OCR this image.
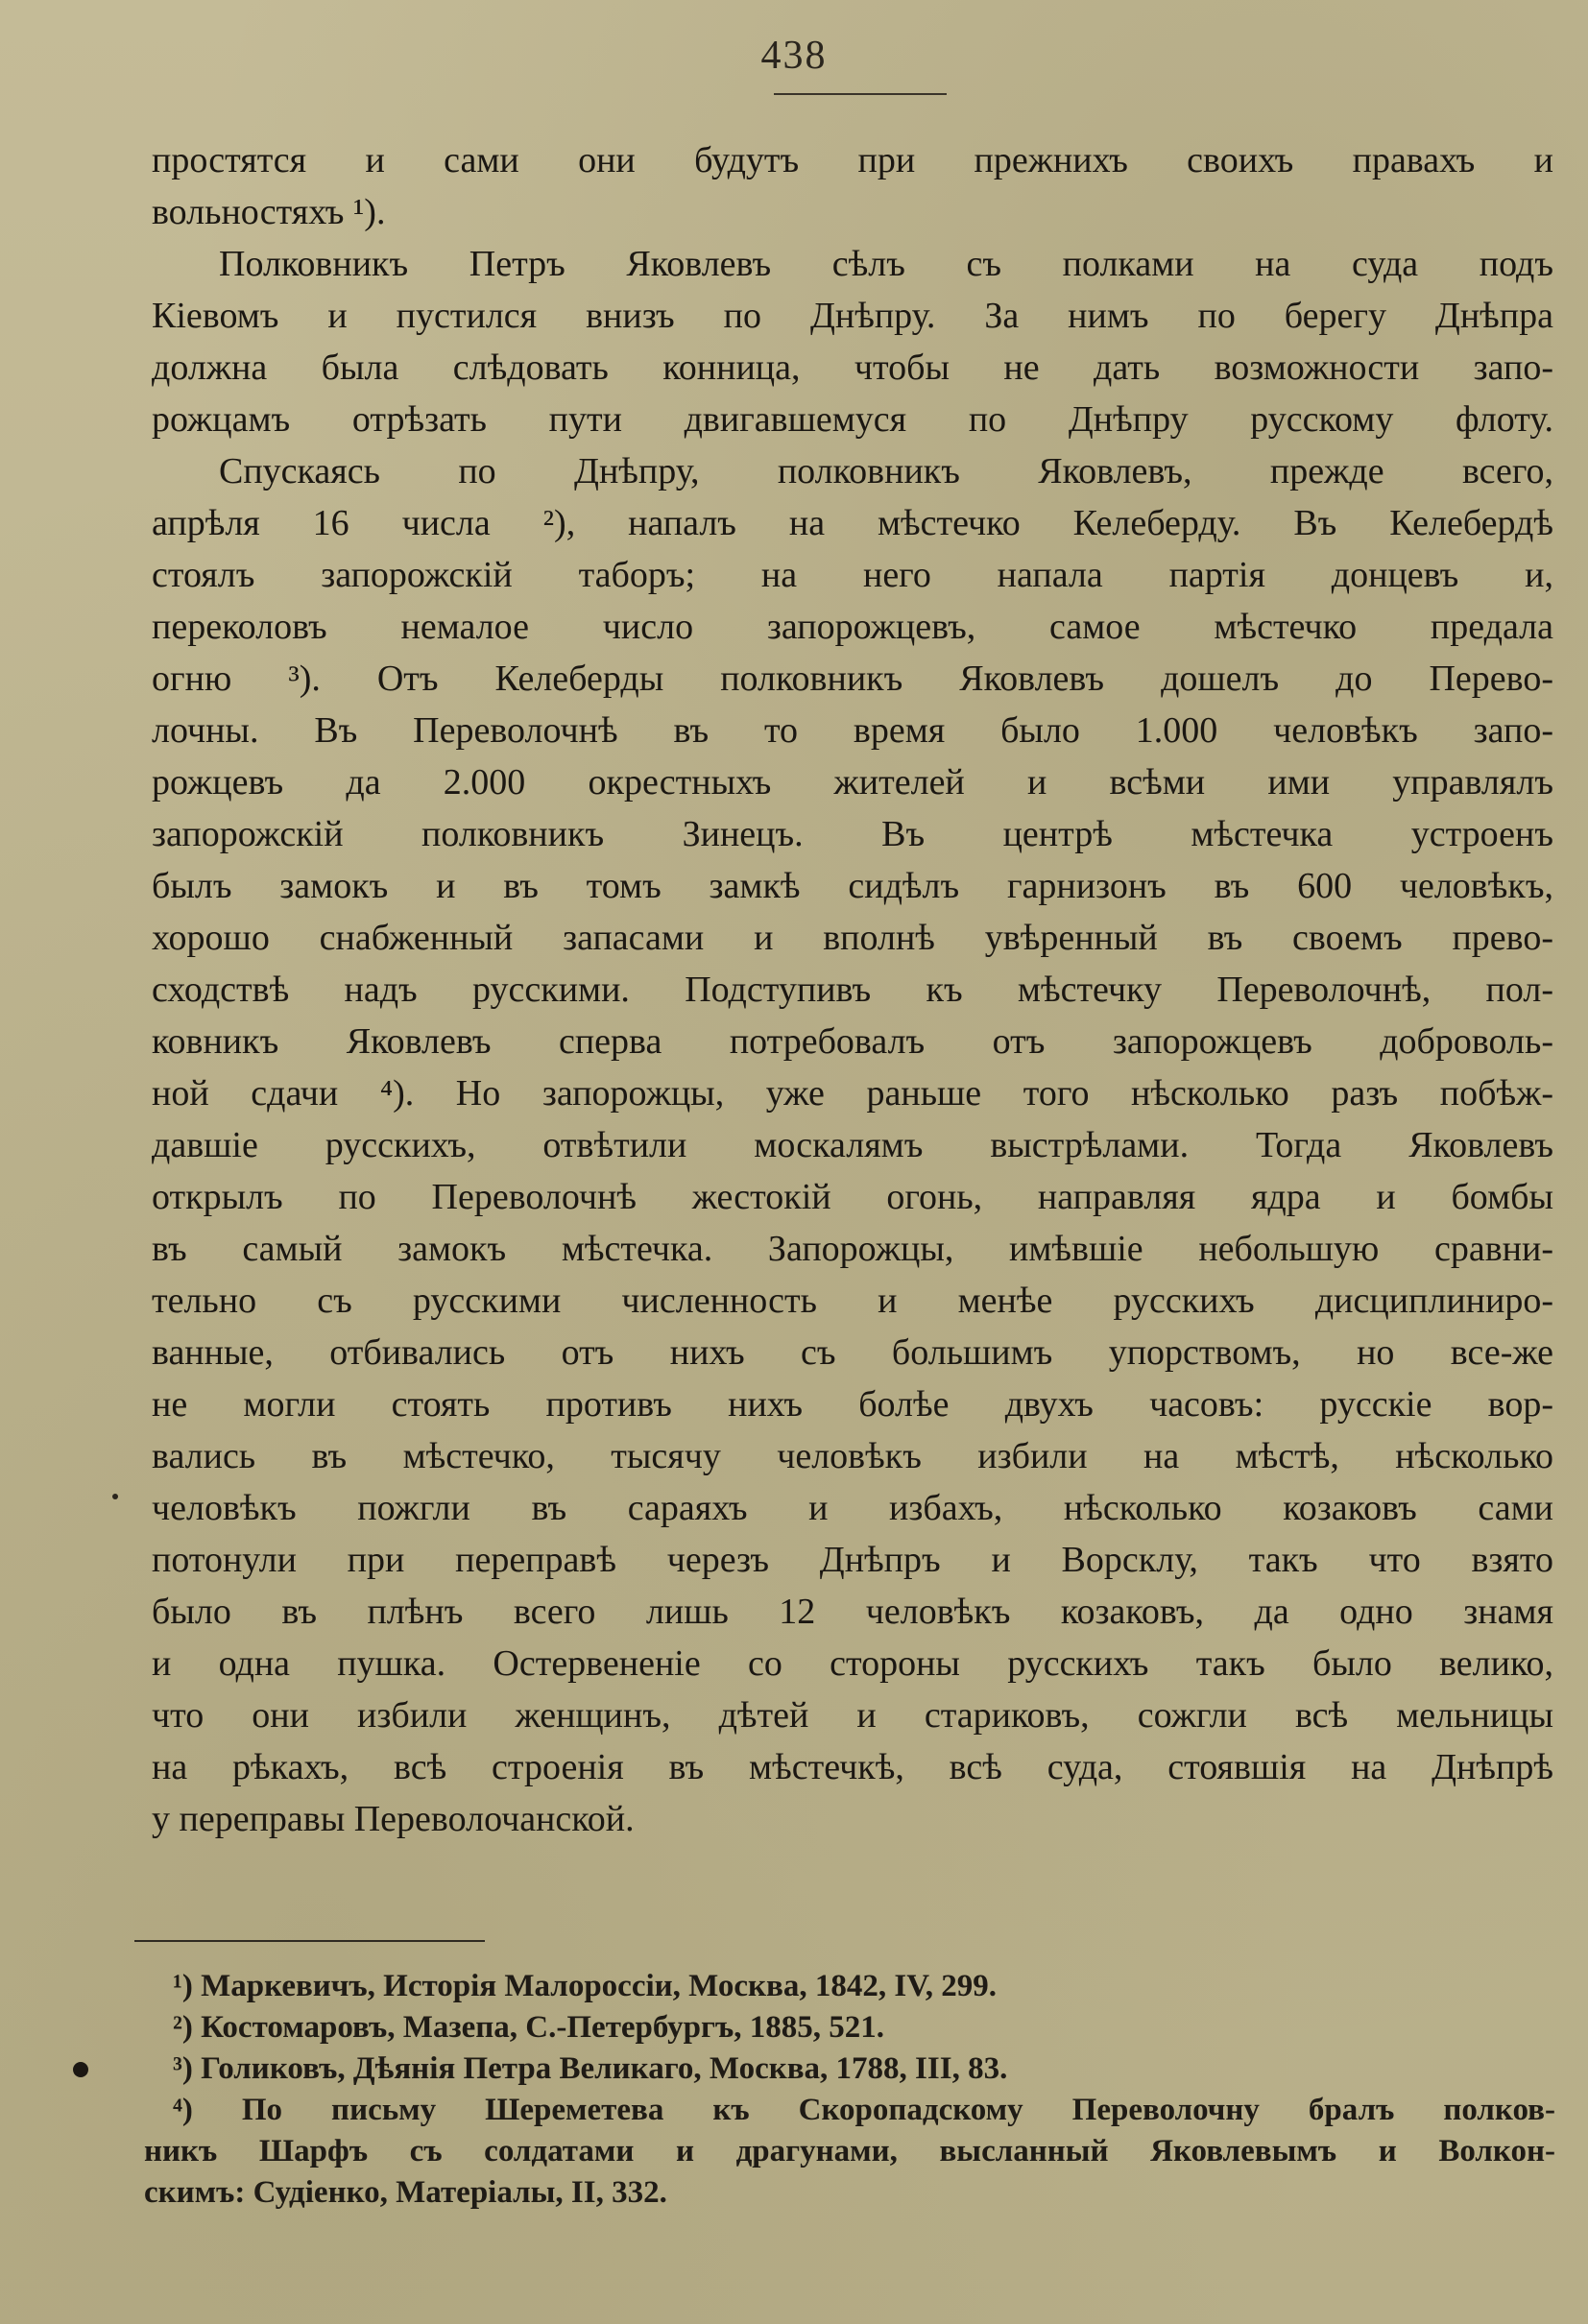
438
простятся и сами они будутъ при прежнихъ своихъ правахъ и
вольностяхъ ¹).
Полковникъ Петръ Яковлевъ сѣлъ съ полками на суда подъ
Кіевомъ и пустился внизъ по Днѣпру. За нимъ по берегу Днѣпра
должна была слѣдовать конница, чтобы не дать возможности запо-
рожцамъ отрѣзать пути двигавшемуся по Днѣпру русскому флоту.
Спускаясь по Днѣпру, полковникъ Яковлевъ, прежде всего,
апрѣля 16 числа ²), напалъ на мѣстечко Келеберду. Въ Келебердѣ
стоялъ запорожскій таборъ; на него напала партія донцевъ и,
переколовъ немалое число запорожцевъ, самое мѣстечко предала
огню ³). Отъ Келеберды полковникъ Яковлевъ дошелъ до Перево-
лочны. Въ Переволочнѣ въ то время было 1.000 человѣкъ запо-
рожцевъ да 2.000 окрестныхъ жителей и всѣми ими управлялъ
запорожскій полковникъ Зинецъ. Въ центрѣ мѣстечка устроенъ
былъ замокъ и въ томъ замкѣ сидѣлъ гарнизонъ въ 600 человѣкъ,
хорошо снабженный запасами и вполнѣ увѣренный въ своемъ прево-
сходствѣ надъ русскими. Подступивъ къ мѣстечку Переволочнѣ, пол-
ковникъ Яковлевъ сперва потребовалъ отъ запорожцевъ доброволь-
ной сдачи ⁴). Но запорожцы, уже раньше того нѣсколько разъ побѣж-
давшіе русскихъ, отвѣтили москалямъ выстрѣлами. Тогда Яковлевъ
открылъ по Переволочнѣ жестокій огонь, направляя ядра и бомбы
въ самый замокъ мѣстечка. Запорожцы, имѣвшіе небольшую сравни-
тельно съ русскими численность и менѣе русскихъ дисциплиниро-
ванные, отбивались отъ нихъ съ большимъ упорствомъ, но все-же
не могли стоять противъ нихъ болѣе двухъ часовъ: русскіе вор-
вались въ мѣстечко, тысячу человѣкъ избили на мѣстѣ, нѣсколько
человѣкъ пожгли въ сараяхъ и избахъ, нѣсколько козаковъ сами
потонули при переправѣ черезъ Днѣпръ и Ворсклу, такъ что взято
было въ плѣнъ всего лишь 12 человѣкъ козаковъ, да одно знамя
и одна пушка. Остервененіе со стороны русскихъ такъ было велико,
что они избили женщинъ, дѣтей и стариковъ, сожгли всѣ мельницы
на рѣкахъ, всѣ строенія въ мѣстечкѣ, всѣ суда, стоявшія на Днѣпрѣ
у переправы Переволочанской.
¹) Маркевичъ, Исторія Малороссіи, Москва, 1842, IV, 299.
²) Костомаровъ, Мазепа, С.-Петербургъ, 1885, 521.
³) Голиковъ, Дѣянія Петра Великаго, Москва, 1788, III, 83.
⁴) По письму Шереметева къ Скоропадскому Переволочну бралъ полков-
никъ Шарфъ съ солдатами и драгунами, высланный Яковлевымъ и Волкон-
скимъ: Судіенко, Матеріалы, II, 332.
